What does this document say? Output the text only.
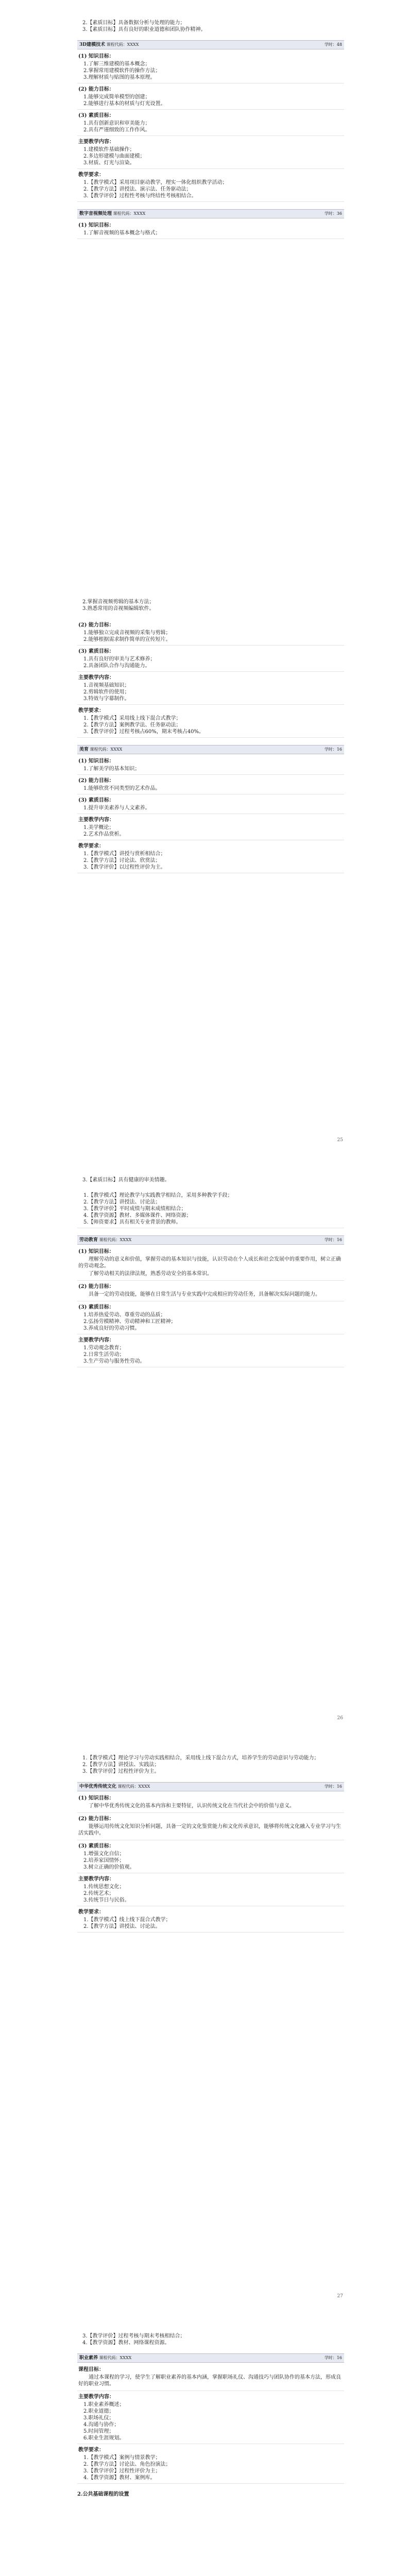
2.【素质目标】具备数据分析与处理的能力；
3.【素质目标】具有良好的职业道德和团队协作精神。
3D建模技术 课程代码：XXXX	学时：48
(1) 知识目标：
1.了解三维建模的基本概念；
2.掌握常用建模软件的操作方法；
3.理解材质与贴图的基本原理。
(2) 能力目标：
1.能够完成简单模型的创建；
2.能够进行基本的材质与灯光设置。
(3) 素质目标：
1.具有创新意识和审美能力；
2.具有严谨细致的工作作风。
主要教学内容：
1.建模软件基础操作；
2.多边形建模与曲面建模；
3.材质、灯光与渲染。
教学要求：
1.【教学模式】采用项目驱动教学，理实一体化组织教学活动；
2.【教学方法】讲授法、演示法、任务驱动法；
3.【教学评价】过程性考核与终结性考核相结合。
数字音视频处理 课程代码：XXXX	学时：36
(1) 知识目标：
1.了解音视频的基本概念与格式；
2.掌握音视频剪辑的基本方法；
3.熟悉常用的音视频编辑软件。
(2) 能力目标：
1.能够独立完成音视频的采集与剪辑；
2.能够根据需求制作简单的宣传短片。
(3) 素质目标：
1.具有良好的审美与艺术修养；
2.具备团队合作与沟通能力。
主要教学内容：
1.音视频基础知识；
2.剪辑软件的使用；
3.特效与字幕制作。
教学要求：
1.【教学模式】采用线上线下混合式教学；
2.【教学方法】案例教学法、任务驱动法；
3.【教学评价】过程考核占60%，期末考核占40%。
美育 课程代码：XXXX	学时：16
(1) 知识目标：
1.了解美学的基本知识；
(2) 能力目标：
1.能够欣赏不同类型的艺术作品。
(3) 素质目标：
1.提升审美素养与人文素养。
主要教学内容：
1.美学概论；
2.艺术作品赏析。
教学要求：
1.【教学模式】讲授与赏析相结合；
2.【教学方法】讨论法、欣赏法；
3.【教学评价】以过程性评价为主。
25
3.【素质目标】具有健康的审美情趣。
1.【教学模式】理论教学与实践教学相结合，采用多种教学手段；
2.【教学方法】讲授法、讨论法；
3.【教学评价】平时成绩与期末成绩相结合；
4.【教学资源】教材、多媒体课件、网络资源；
5.【师资要求】具有相关专业背景的教师。
劳动教育 课程代码：XXXX	学时：16
(1) 知识目标：
理解劳动的意义和价值，掌握劳动的基本知识与技能，认识劳动在个人成长和社会发展中的重要作用，树立正确的劳动观念。
了解劳动相关的法律法规，熟悉劳动安全的基本常识。
(2) 能力目标：
具备一定的劳动技能，能够在日常生活与专业实践中完成相应的劳动任务，具备解决实际问题的能力。
(3) 素质目标：
1.培养热爱劳动、尊重劳动的品质；
2.弘扬劳模精神、劳动精神和工匠精神；
3.养成良好的劳动习惯。
主要教学内容：
1.劳动观念教育；
2.日常生活劳动；
3.生产劳动与服务性劳动。
26
1.【教学模式】理论学习与劳动实践相结合，采用线上线下混合方式，培养学生的劳动意识与劳动能力；
2.【教学方法】讲授法、实践法；
3.【教学评价】过程性评价为主。
中华优秀传统文化 课程代码：XXXX	学时：16
(1) 知识目标：
了解中华优秀传统文化的基本内容和主要特征，认识传统文化在当代社会中的价值与意义。
(2) 能力目标：
能够运用传统文化知识分析问题，具备一定的文化鉴赏能力和文化传承意识，能够将传统文化融入专业学习与生活实践中。
(3) 素质目标：
1.增强文化自信；
2.培养家国情怀；
3.树立正确的价值观。
主要教学内容：
1.传统思想文化；
2.传统艺术；
3.传统节日与民俗。
教学要求：
1.【教学模式】线上线下混合式教学；
2.【教学方法】讲授法、讨论法。
27
3.【教学评价】过程考核与期末考核相结合；
4.【教学资源】教材、网络课程资源。
职业素养 课程代码：XXXX	学时：16
课程目标：
通过本课程的学习，使学生了解职业素养的基本内涵，掌握职场礼仪、沟通技巧与团队协作的基本方法，形成良好的职业习惯。
主要教学内容：
1.职业素养概述；
2.职业道德；
3.职场礼仪；
4.沟通与协作；
5.时间管理；
6.职业生涯规划。
教学要求：
1.【教学模式】案例与情景教学；
2.【教学方法】讨论法、角色扮演法；
3.【教学评价】过程性评价为主；
4.【教学资源】教材、案例库。
2.公共基础课程的设置
